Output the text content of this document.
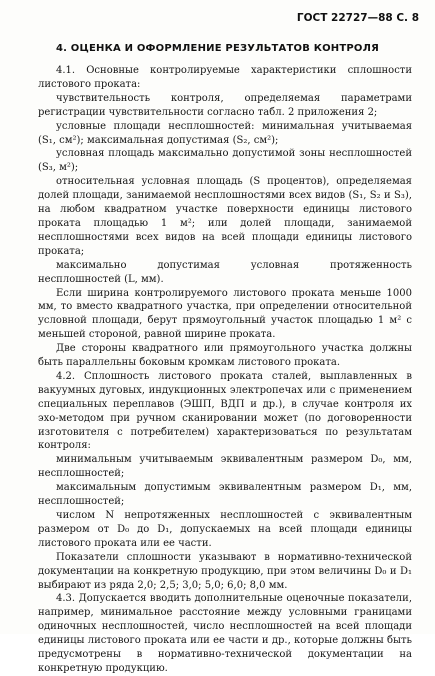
ГОСТ 22727—88 С. 8
4. ОЦЕНКА И ОФОРМЛЕНИЕ РЕЗУЛЬТАТОВ КОНТРОЛЯ

4.1. Основные контролируемые характеристики сплошности листового проката:

чувствительность контроля, определяемая параметрами регистрации чувствительности согласно табл. 2 приложения 2;

условные площади несплошностей: минимальная учитываемая (S₁, см²); максимальная допустимая (S₂, см²);

условная площадь максимально допустимой зоны несплошностей (S₃, м²);

относительная условная площадь (S процентов), определяемая долей площади, занимаемой несплошностями всех видов (S₁, S₂ и S₃), на любом квадратном участке поверхности единицы листового проката площадью 1 м²; или долей площади, занимаемой несплошностями всех видов на всей площади единицы листового проката;

максимально допустимая условная протяженность несплошностей (L, мм).

Если ширина контролируемого листового проката меньше 1000 мм, то вместо квадратного участка, при определении относительной условной площади, берут прямоугольный участок площадью 1 м² с меньшей стороной, равной ширине проката.

Две стороны квадратного или прямоугольного участка должны быть параллельны боковым кромкам листового проката.

4.2. Сплошность листового проката сталей, выплавленных в вакуумных дуговых, индукционных электропечах или с применением специальных переплавов (ЭШП, ВДП и др.), в случае контроля их эхо-методом при ручном сканировании может (по договоренности изготовителя с потребителем) характеризоваться по результатам контроля:

минимальным учитываемым эквивалентным размером D₀, мм, несплошностей;

максимальным допустимым эквивалентным размером D₁, мм, несплошностей;

числом N непротяженных несплошностей с эквивалентным размером от D₀ до D₁, допускаемых на всей площади единицы листового проката или ее части.

Показатели сплошности указывают в нормативно-технической документации на конкретную продукцию, при этом величины D₀ и D₁ выбирают из ряда 2,0; 2,5; 3,0; 5,0; 6,0; 8,0 мм.

4.3. Допускается вводить дополнительные оценочные показатели, например, минимальное расстояние между условными границами одиночных несплошностей, число несплошностей на всей площади единицы листового проката или ее части и др., которые должны быть предусмотрены в нормативно-технической документации на конкретную продукцию.
